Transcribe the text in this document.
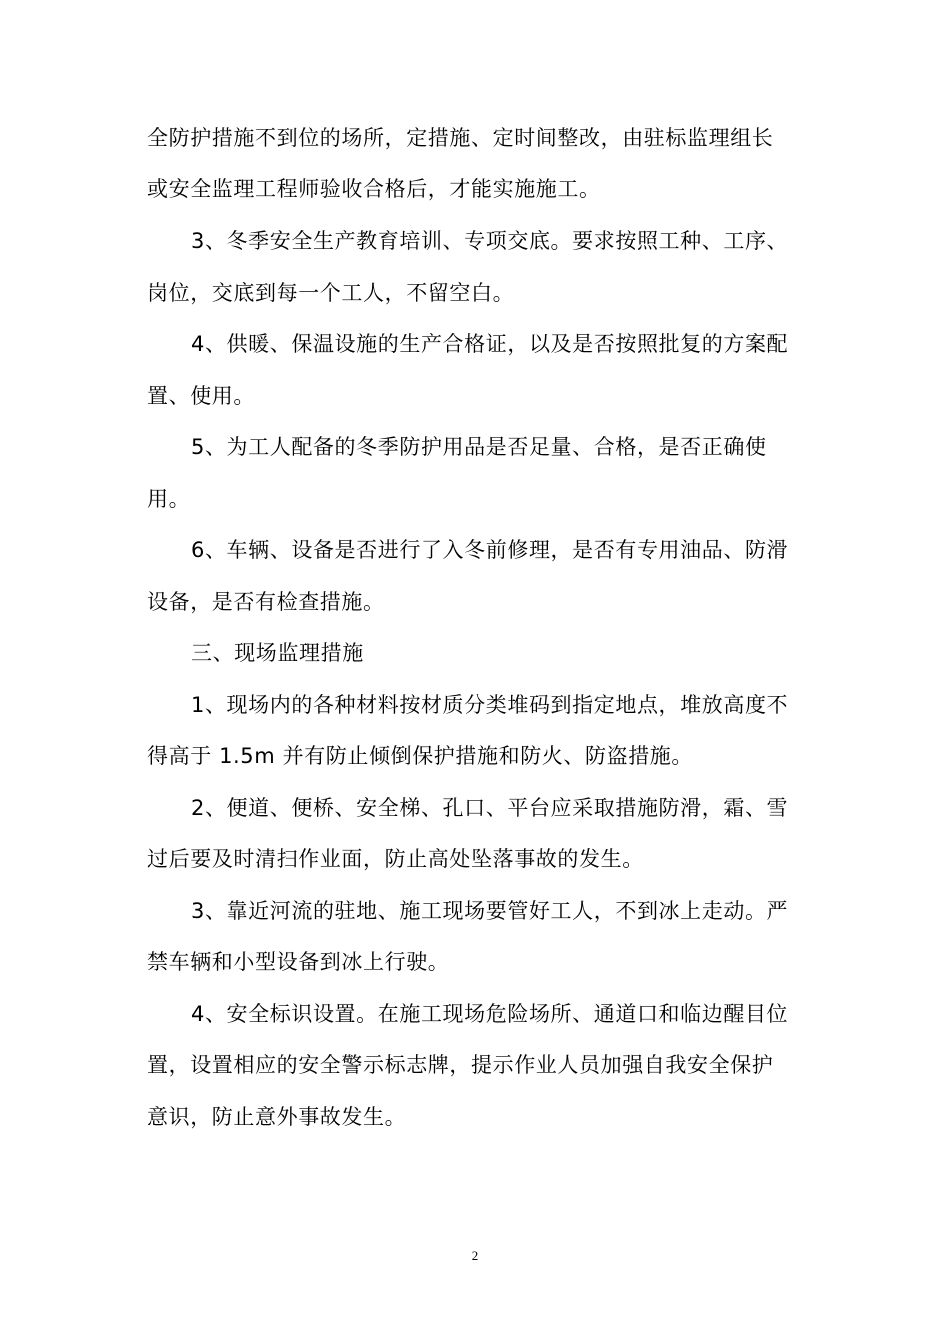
全防护措施不到位的场所，定措施、定时间整改，由驻标监理组长
或安全监理工程师验收合格后，才能实施施工。
3、冬季安全生产教育培训、专项交底。要求按照工种、工序、
岗位，交底到每一个工人，不留空白。
4、供暖、保温设施的生产合格证，以及是否按照批复的方案配
置、使用。
5、为工人配备的冬季防护用品是否足量、合格，是否正确使
用。
6、车辆、设备是否进行了入冬前修理，是否有专用油品、防滑
设备，是否有检查措施。
三、现场监理措施
1、现场内的各种材料按材质分类堆码到指定地点，堆放高度不
得高于 1.5m 并有防止倾倒保护措施和防火、防盗措施。
2、便道、便桥、安全梯、孔口、平台应采取措施防滑，霜、雪
过后要及时清扫作业面，防止高处坠落事故的发生。
3、靠近河流的驻地、施工现场要管好工人，不到冰上走动。严
禁车辆和小型设备到冰上行驶。
4、安全标识设置。在施工现场危险场所、通道口和临边醒目位
置，设置相应的安全警示标志牌，提示作业人员加强自我安全保护
意识，防止意外事故发生。
2
